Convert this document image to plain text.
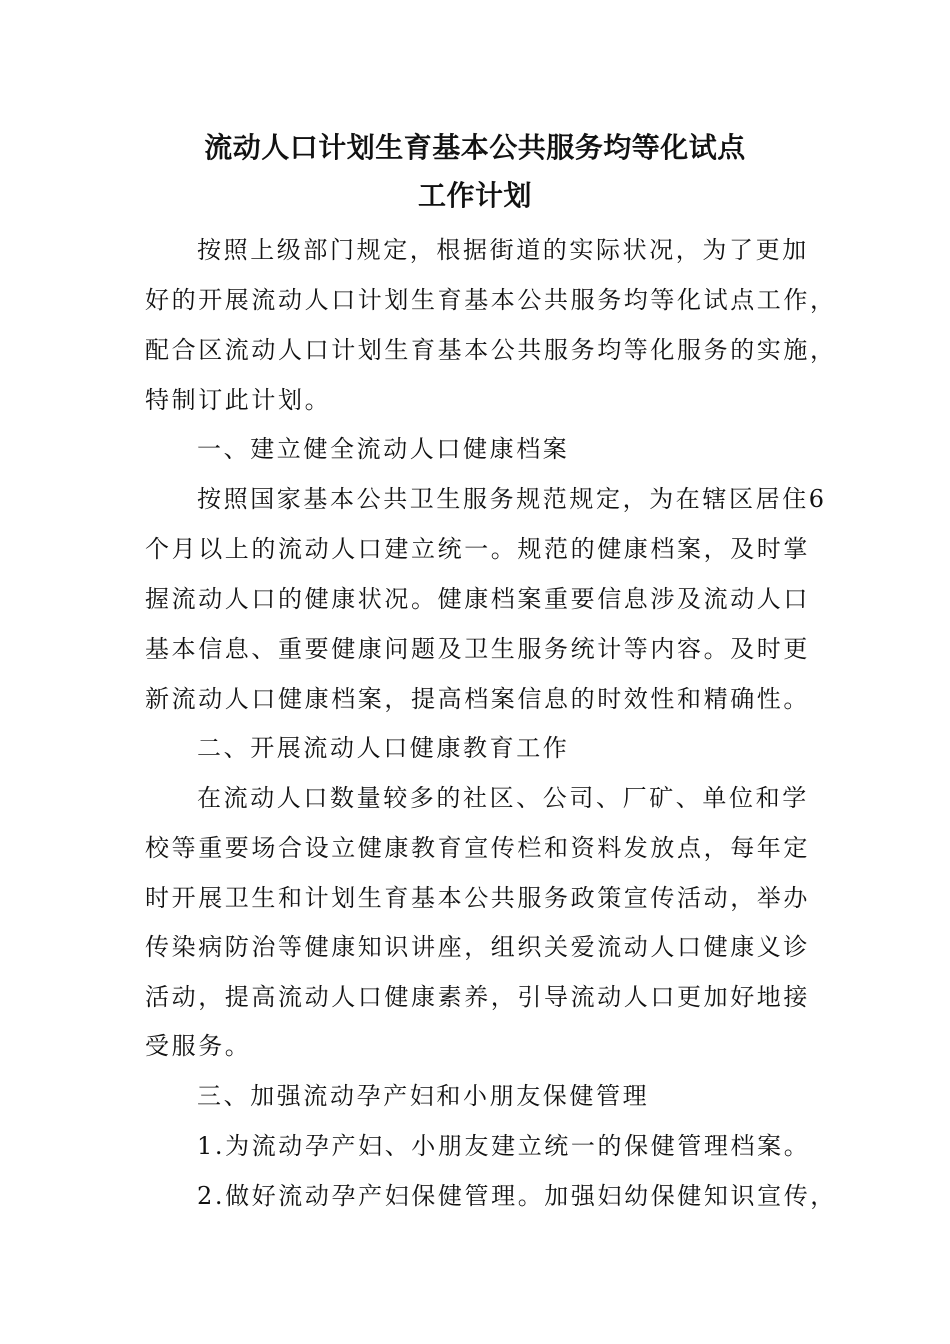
流动人口计划生育基本公共服务均等化试点
工作计划
按照上级部门规定，根据街道的实际状况，为了更加
好的开展流动人口计划生育基本公共服务均等化试点工作，
配合区流动人口计划生育基本公共服务均等化服务的实施，
特制订此计划。
一、建立健全流动人口健康档案
按照国家基本公共卫生服务规范规定，为在辖区居住6
个月以上的流动人口建立统一。规范的健康档案，及时掌
握流动人口的健康状况。健康档案重要信息涉及流动人口
基本信息、重要健康问题及卫生服务统计等内容。及时更
新流动人口健康档案，提高档案信息的时效性和精确性。
二、开展流动人口健康教育工作
在流动人口数量较多的社区、公司、厂矿、单位和学
校等重要场合设立健康教育宣传栏和资料发放点，每年定
时开展卫生和计划生育基本公共服务政策宣传活动，举办
传染病防治等健康知识讲座，组织关爱流动人口健康义诊
活动，提高流动人口健康素养，引导流动人口更加好地接
受服务。
三、加强流动孕产妇和小朋友保健管理
1.为流动孕产妇、小朋友建立统一的保健管理档案。
2.做好流动孕产妇保健管理。加强妇幼保健知识宣传，
